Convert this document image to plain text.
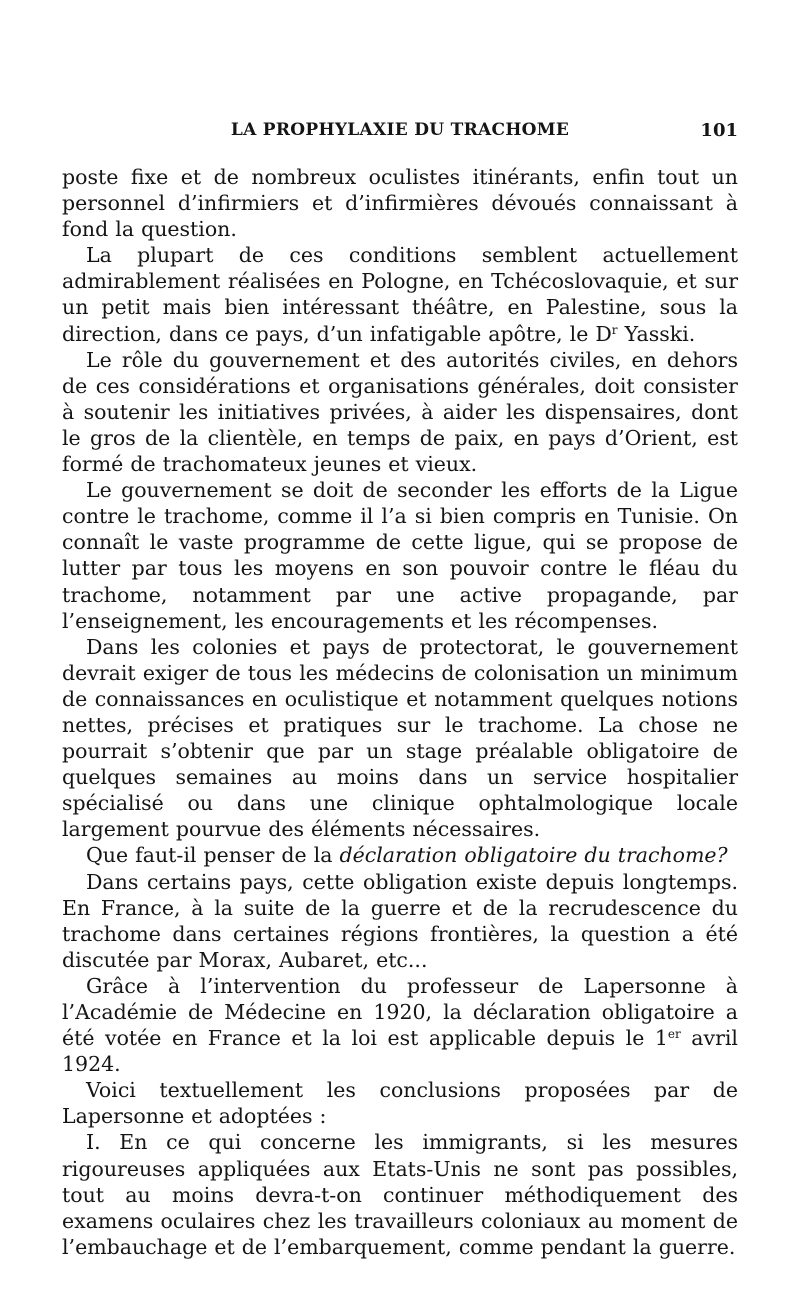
LA PROPHYLAXIE DU TRACHOME	101

poste fixe et de nombreux oculistes itinérants, enfin tout un personnel d’infirmiers et d’infirmières dévoués connaissant à fond la question.

La plupart de ces conditions semblent actuellement admirablement réalisées en Pologne, en Tchécoslovaquie, et sur un petit mais bien intéressant théâtre, en Palestine, sous la direction, dans ce pays, d’un infatigable apôtre, le $D^r$ Yasski.

Le rôle du gouvernement et des autorités civiles, en dehors de ces considérations et organisations générales, doit consister à soutenir les initiatives privées, à aider les dispensaires, dont le gros de la clientèle, en temps de paix, en pays d’Orient, est formé de trachomateux jeunes et vieux.

Le gouvernement se doit de seconder les efforts de la Ligue contre le trachome, comme il l’a si bien compris en Tunisie. On connaît le vaste programme de cette ligue, qui se propose de lutter par tous les moyens en son pouvoir contre le fléau du trachome, notamment par une active propagande, par l’enseignement, les encouragements et les récompenses.

Dans les colonies et pays de protectorat, le gouvernement devrait exiger de tous les médecins de colonisation un minimum de connaissances en oculistique et notamment quelques notions nettes, précises et pratiques sur le trachome. La chose ne pourrait s’obtenir que par un stage préalable obligatoire de quelques semaines au moins dans un service hospitalier spécialisé ou dans une clinique ophtalmologique locale largement pourvue des éléments nécessaires.

Que faut-il penser de la déclaration obligatoire du trachome?

Dans certains pays, cette obligation existe depuis longtemps. En France, à la suite de la guerre et de la recrudescence du trachome dans certaines régions frontières, la question a été discutée par Morax, Aubaret, etc...

Grâce à l’intervention du professeur de Lapersonne à l’Académie de Médecine en 1920, la déclaration obligatoire a été votée en France et la loi est applicable depuis le 1er avril 1924.

Voici textuellement les conclusions proposées par de Lapersonne et adoptées :

I. En ce qui concerne les immigrants, si les mesures rigoureuses appliquées aux Etats-Unis ne sont pas possibles, tout au moins devra-t-on continuer méthodiquement des examens oculaires chez les travailleurs coloniaux au moment de l’embauchage et de l’embarquement, comme pendant la guerre.
